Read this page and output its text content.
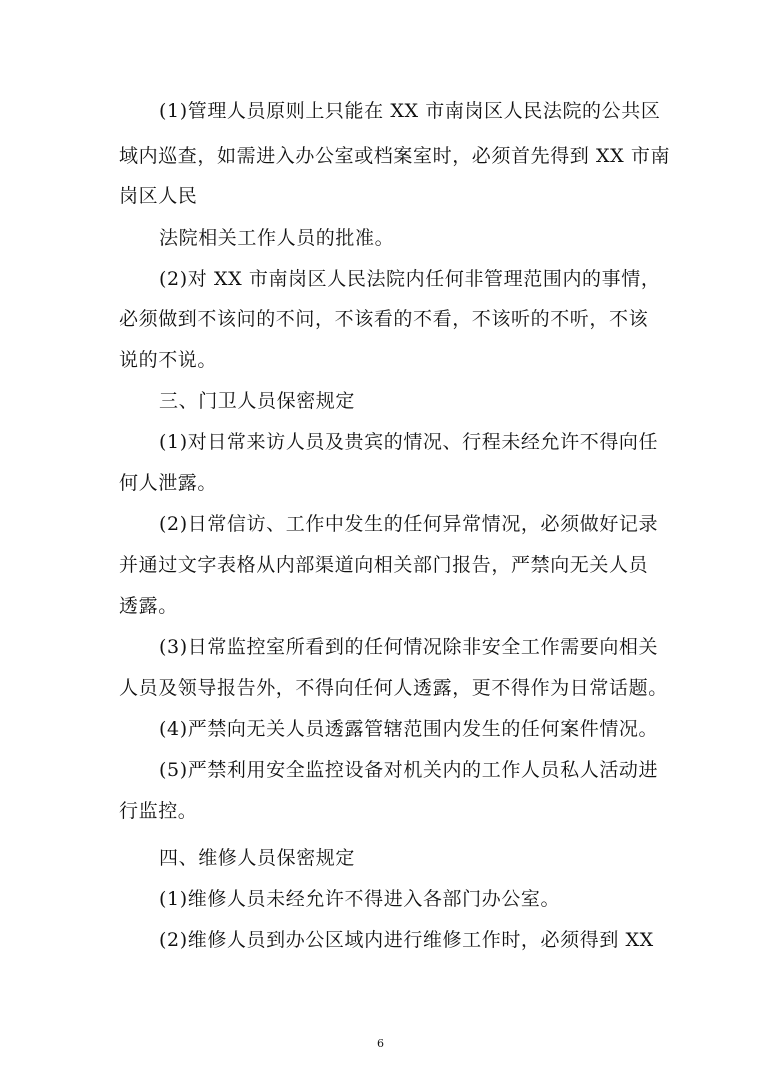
(1)管理人员原则上只能在 XX 市南岗区人民法院的公共区
域内巡查，如需进入办公室或档案室时，必须首先得到 XX 市南
岗区人民
法院相关工作人员的批准。
(2)对 XX 市南岗区人民法院内任何非管理范围内的事情，
必须做到不该问的不问，不该看的不看，不该听的不听，不该
说的不说。
三、门卫人员保密规定
(1)对日常来访人员及贵宾的情况、行程未经允许不得向任
何人泄露。
(2)日常信访、工作中发生的任何异常情况，必须做好记录
并通过文字表格从内部渠道向相关部门报告，严禁向无关人员
透露。
(3)日常监控室所看到的任何情况除非安全工作需要向相关
人员及领导报告外，不得向任何人透露，更不得作为日常话题。
(4)严禁向无关人员透露管辖范围内发生的任何案件情况。
(5)严禁利用安全监控设备对机关内的工作人员私人活动进
行监控。
四、维修人员保密规定
(1)维修人员未经允许不得进入各部门办公室。
(2)维修人员到办公区域内进行维修工作时，必须得到 XX
6
